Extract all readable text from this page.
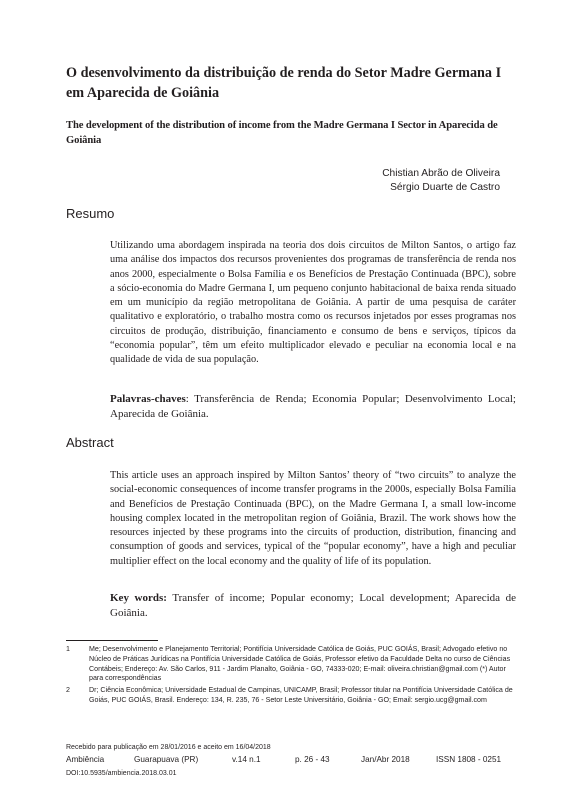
O desenvolvimento da distribuição de renda do Setor Madre Germana I em Aparecida de Goiânia
The development of the distribution of income from the Madre Germana I Sector in Aparecida de Goiânia
Chistian Abrão de Oliveira
Sérgio Duarte de Castro
Resumo
Utilizando uma abordagem inspirada na teoria dos dois circuitos de Milton Santos, o artigo faz uma análise dos impactos dos recursos provenientes dos programas de transferência de renda nos anos 2000, especialmente o Bolsa Família e os Benefícios de Prestação Continuada (BPC), sobre a sócio-economia do Madre Germana I, um pequeno conjunto habitacional de baixa renda situado em um município da região metropolitana de Goiânia. A partir de uma pesquisa de caráter qualitativo e exploratório, o trabalho mostra como os recursos injetados por esses programas nos circuitos de produção, distribuição, financiamento e consumo de bens e serviços, típicos da “economia popular”, têm um efeito multiplicador elevado e peculiar na economia local e na qualidade de vida de sua população.
Palavras-chaves: Transferência de Renda; Economia Popular; Desenvolvimento Local; Aparecida de Goiânia.
Abstract
This article uses an approach inspired by Milton Santos’ theory of “two circuits” to analyze the social-economic consequences of income transfer programs in the 2000s, especially Bolsa Família and Benefícios de Prestação Continuada (BPC), on the Madre Germana I, a small low-income housing complex located in the metropolitan region of Goiânia, Brazil. The work shows how the resources injected by these programs into the circuits of production, distribution, financing and consumption of goods and services, typical of the “popular economy”, have a high and peculiar multiplier effect on the local economy and the quality of life of its population.
Key words: Transfer of income; Popular economy; Local development; Aparecida de Goiânia.
1	Me; Desenvolvimento e Planejamento Territorial; Pontifícia Universidade Católica de Goiás, PUC GOIÁS, Brasil; Advogado efetivo no Núcleo de Práticas Jurídicas na Pontifícia Universidade Católica de Goiás, Professor efetivo da Faculdade Delta no curso de Ciências Contábeis; Endereço: Av. São Carlos, 911 - Jardim Planalto, Goiânia - GO, 74333-020; E-mail: oliveira.christian@gmail.com (*) Autor para correspondências
2	Dr; Ciência Econômica; Universidade Estadual de Campinas, UNICAMP, Brasil; Professor titular na Pontifícia Universidade Católica de Goiás, PUC GOIÁS, Brasil. Endereço: 134, R. 235, 76 - Setor Leste Universitário, Goiânia - GO; Email: sergio.ucg@gmail.com
Recebido para publicação em 28/01/2016 e aceito em 16/04/2018
Ambiência	Guarapuava (PR)	v.14 n.1	p. 26 - 43	Jan/Abr 2018	ISSN 1808 - 0251
DOI:10.5935/ambiencia.2018.03.01
